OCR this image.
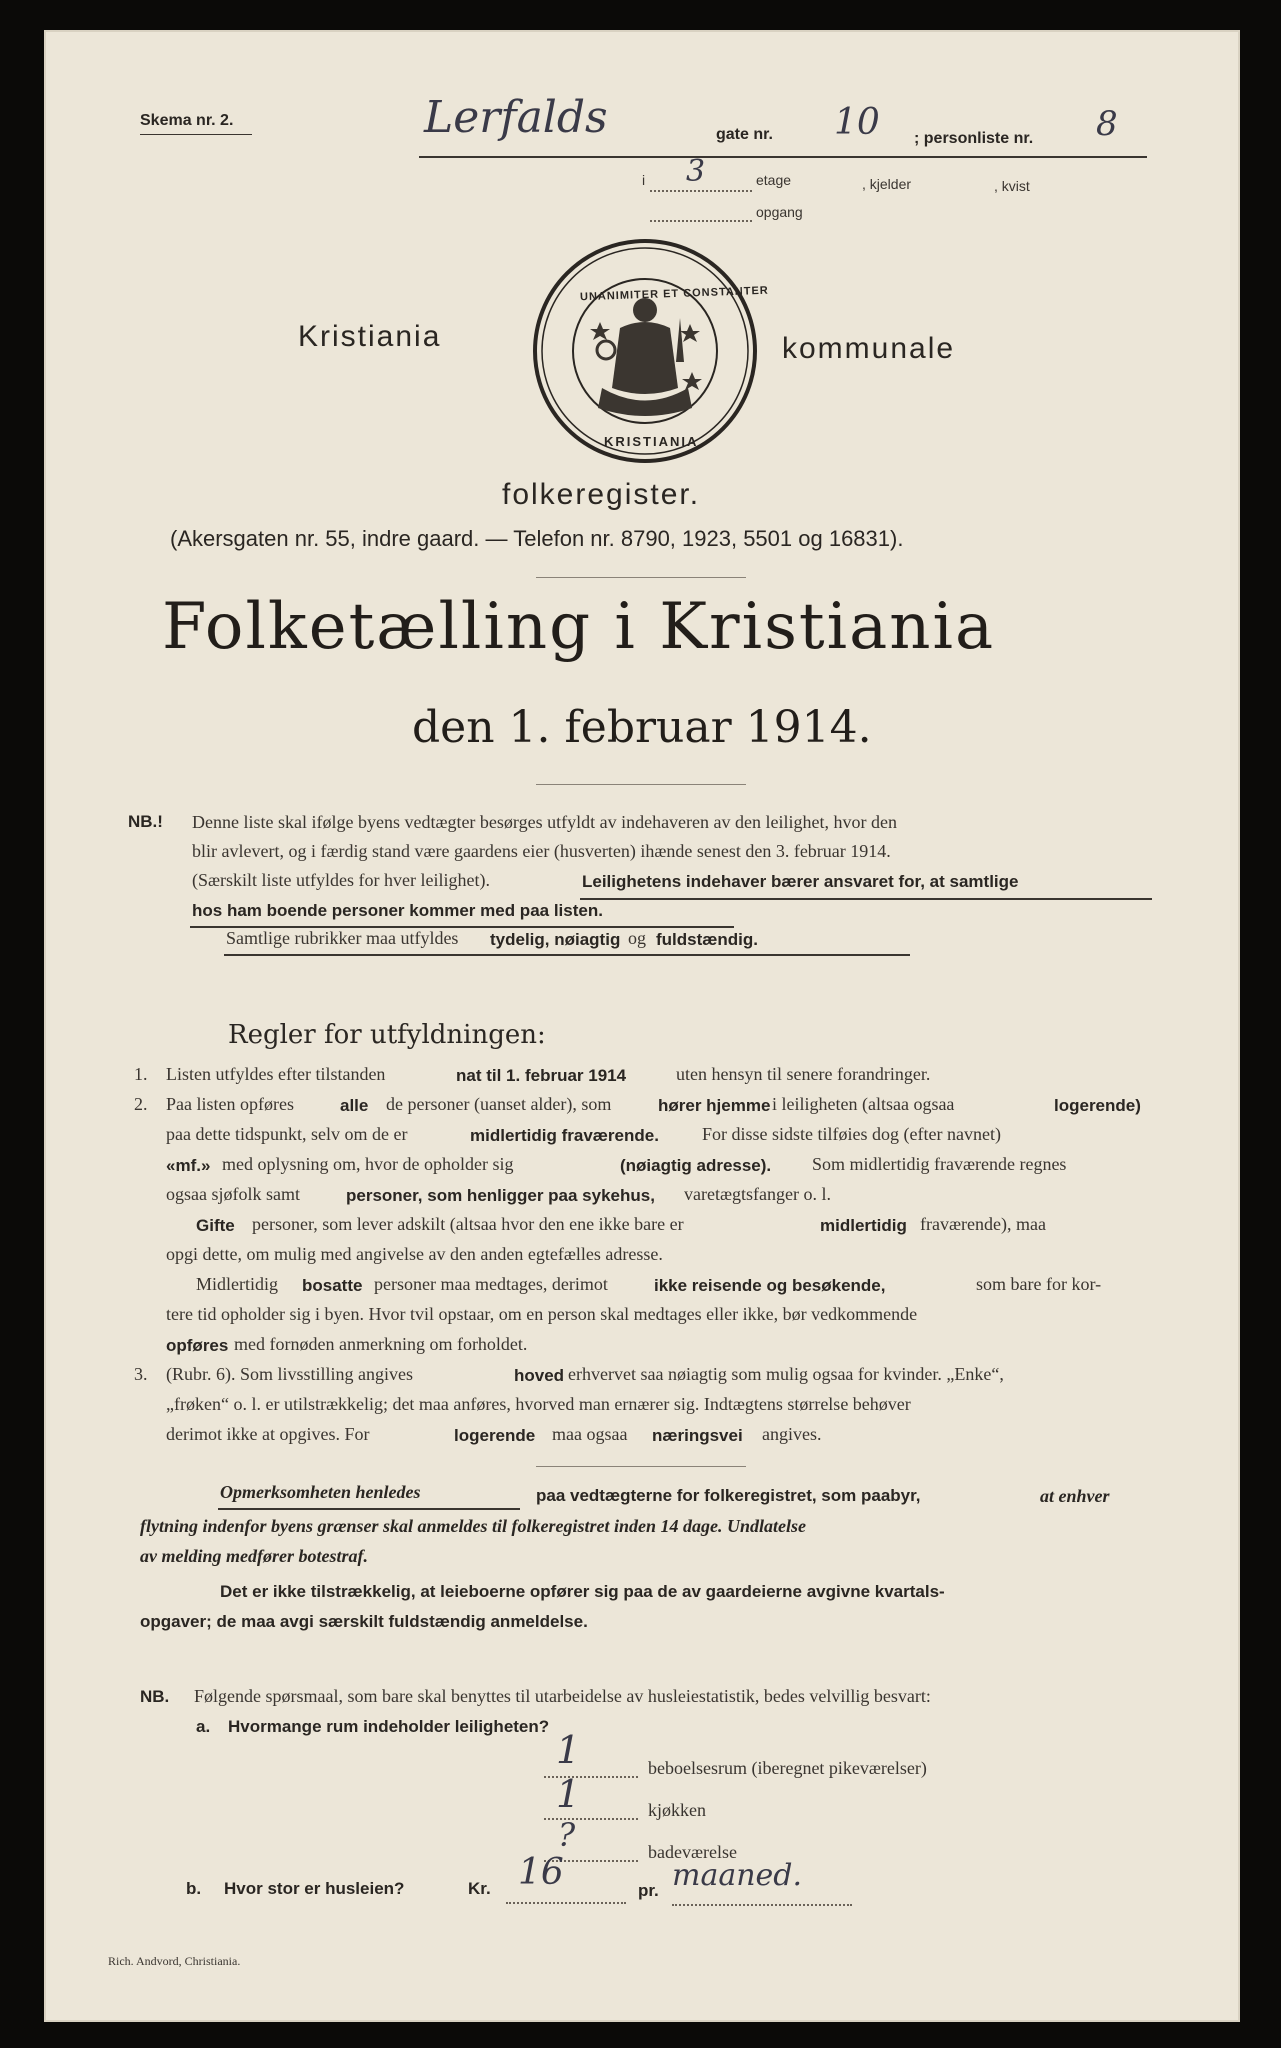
Skema nr. 2.	Lerfalds	gate nr. 10 ; personliste nr. 8
i 3	etage	, kjelder	, kvist
opgang
Kristiania	kommunale
UNANIMITER ET CONSTANTER
KRISTIANIA
folkeregister.
(Akersgaten nr. 55, indre gaard. — Telefon nr. 8790, 1923, 5501 og 16831).
Folketælling i Kristiania
den 1. februar 1914.
NB.! Denne liste skal ifølge byens vedtægter besørges utfyldt av indehaveren av den leilighet, hvor den
blir avlevert, og i færdig stand være gaardens eier (husverten) ihænde senest den 3. februar 1914.
(Særskilt liste utfyldes for hver leilighet).	Leilighetens indehaver bærer ansvaret for, at samtlige
hos ham boende personer kommer med paa listen.
Samtlige rubrikker maa utfyldes tydelig, nøiagtig og fuldstændig.
Regler for utfyldningen:
1. Listen utfyldes efter tilstanden	nat til 1. februar 1914	uten hensyn til senere forandringer.
2. Paa listen opføres	alle de personer (uanset alder), som	hører hjemme i leiligheten (altsaa ogsaa	logerende)
paa dette tidspunkt, selv om de er	midlertidig fraværende. For disse sidste tilføies dog (efter navnet)
«mf.» med oplysning om, hvor de opholder sig	(nøiagtig adresse). Som midlertidig fraværende regnes
ogsaa sjøfolk samt	personer, som henligger paa sykehus, varetægtsfanger o. l.
Gifte personer, som lever adskilt (altsaa hvor den ene ikke bare er	midlertidig fraværende), maa
opgi dette, om mulig med angivelse av den anden egtefælles adresse.
Midlertidig bosatte personer maa medtages, derimot	ikke reisende og besøkende,	som bare for kor-
tere tid opholder sig i byen. Hvor tvil opstaar, om en person skal medtages eller ikke, bør vedkommende
opføres med fornøden anmerkning om forholdet.
3. (Rubr. 6). Som livsstilling angives	hoved erhvervet saa nøiagtig som mulig ogsaa for kvinder. „Enke“,
„frøken“ o. l. er utilstrækkelig; det maa anføres, hvorved man ernærer sig. Indtægtens størrelse behøver
derimot ikke at opgives. For	logerende maa ogsaa næringsvei angives.
Opmerksomheten henledes	paa vedtægterne for folkeregistret, som paabyr,	at enhver
flytning indenfor byens grænser skal anmeldes til folkeregistret inden 14 dage. Undlatelse
av melding medfører botestraf.
Det er ikke tilstrækkelig, at leieboerne opfører sig paa de av gaardeierne avgivne kvartals-
opgaver; de maa avgi særskilt fuldstændig anmeldelse.
NB. Følgende spørsmaal, som bare skal benyttes til utarbeidelse av husleiestatistik, bedes velvillig besvart:
a. Hvormange rum indeholder leiligheten?
1	beboelsesrum (iberegnet pikeværelser)
1	kjøkken
?	badeværelse
b. Hvor stor er husleien?	Kr. 16	pr. maaned.
Rich. Andvord, Christiania.
